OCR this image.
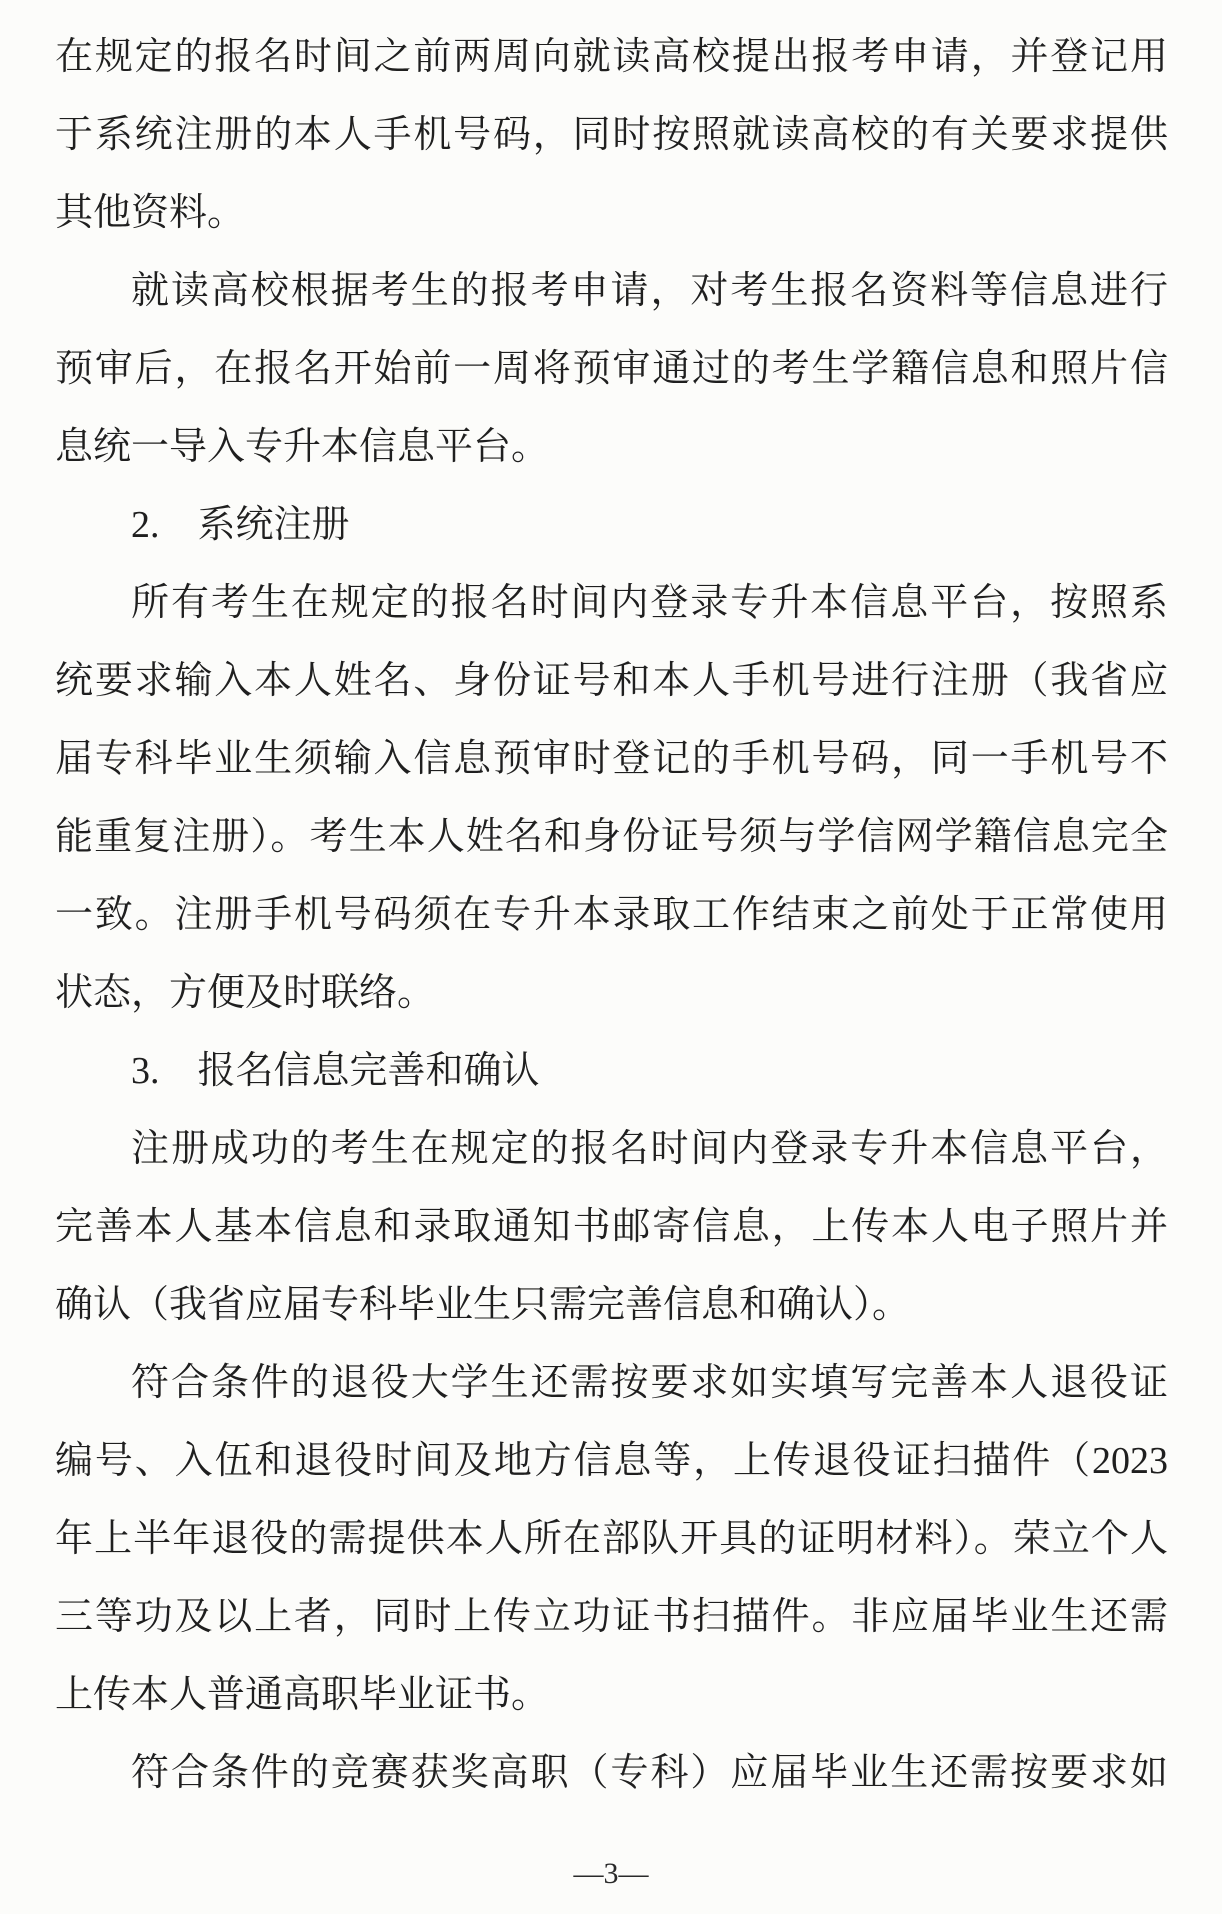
在规定的报名时间之前两周向就读高校提出报考申请，并登记用
于系统注册的本人手机号码，同时按照就读高校的有关要求提供
其他资料。
就读高校根据考生的报考申请，对考生报名资料等信息进行
预审后，在报名开始前一周将预审通过的考生学籍信息和照片信
息统一导入专升本信息平台。
2.　系统注册
所有考生在规定的报名时间内登录专升本信息平台，按照系
统要求输入本人姓名、身份证号和本人手机号进行注册（我省应
届专科毕业生须输入信息预审时登记的手机号码，同一手机号不
能重复注册）。考生本人姓名和身份证号须与学信网学籍信息完全
一致。注册手机号码须在专升本录取工作结束之前处于正常使用
状态，方便及时联络。
3.　报名信息完善和确认
注册成功的考生在规定的报名时间内登录专升本信息平台，
完善本人基本信息和录取通知书邮寄信息，上传本人电子照片并
确认（我省应届专科毕业生只需完善信息和确认）。
符合条件的退役大学生还需按要求如实填写完善本人退役证
编号、入伍和退役时间及地方信息等，上传退役证扫描件（2023
年上半年退役的需提供本人所在部队开具的证明材料）。荣立个人
三等功及以上者，同时上传立功证书扫描件。非应届毕业生还需
上传本人普通高职毕业证书。
符合条件的竞赛获奖高职（专科）应届毕业生还需按要求如
—3—
